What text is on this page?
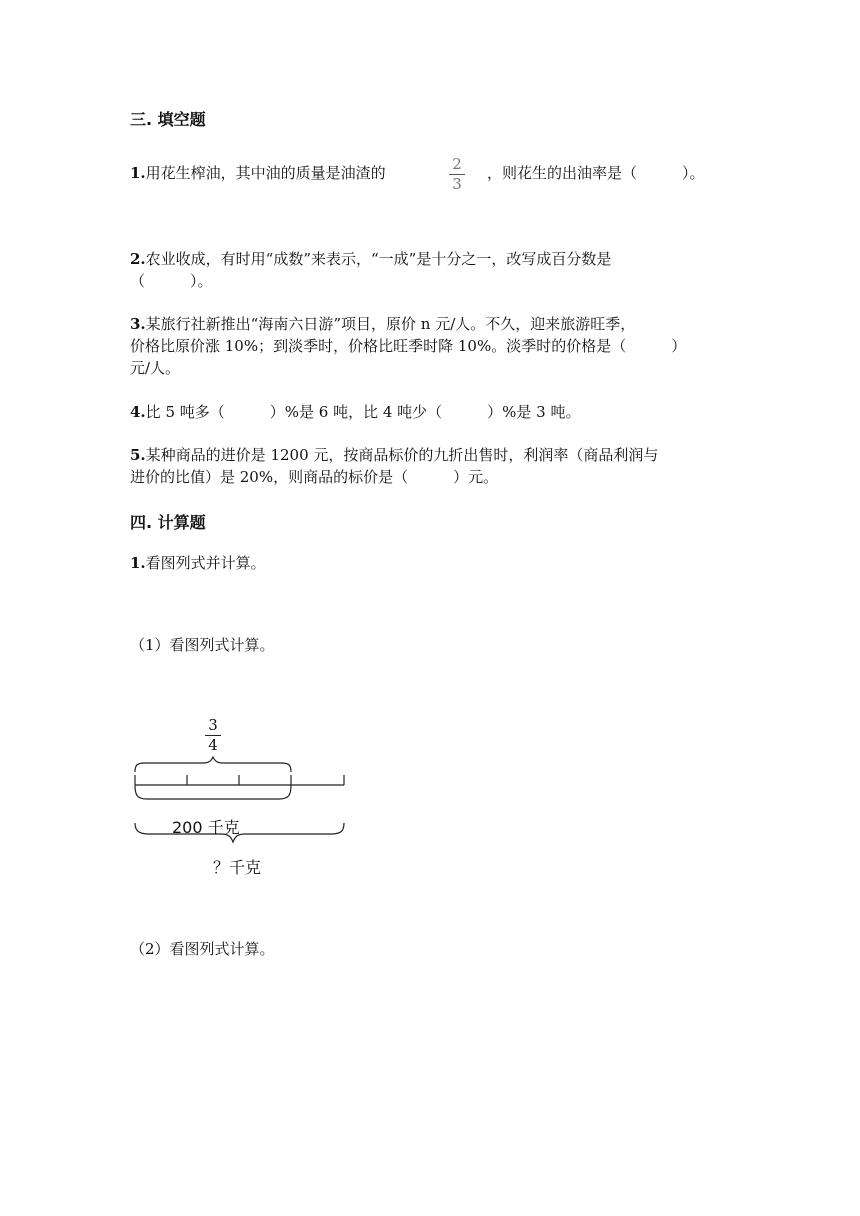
三. 填空题
1.用花生榨油，其中油的质量是油渣的	2
3
，则花生的出油率是（　　　）。
2.农业收成，有时用“成数”来表示，“一成”是十分之一，改写成百分数是
（　　　）。
3.某旅行社新推出“海南六日游”项目，原价 n 元/人。不久，迎来旅游旺季，
价格比原价涨 10%；到淡季时，价格比旺季时降 10%。淡季时的价格是（　　　）
元/人。
4.比 5 吨多（　　　）%是 6 吨，比 4 吨少（　　　）%是 3 吨。
5.某种商品的进价是 1200 元，按商品标价的九折出售时，利润率（商品利润与
进价的比值）是 20%，则商品的标价是（　　　）元。
四. 计算题
1.看图列式并计算。
（1）看图列式计算。
3
4
200 千克
？千克
（2）看图列式计算。
